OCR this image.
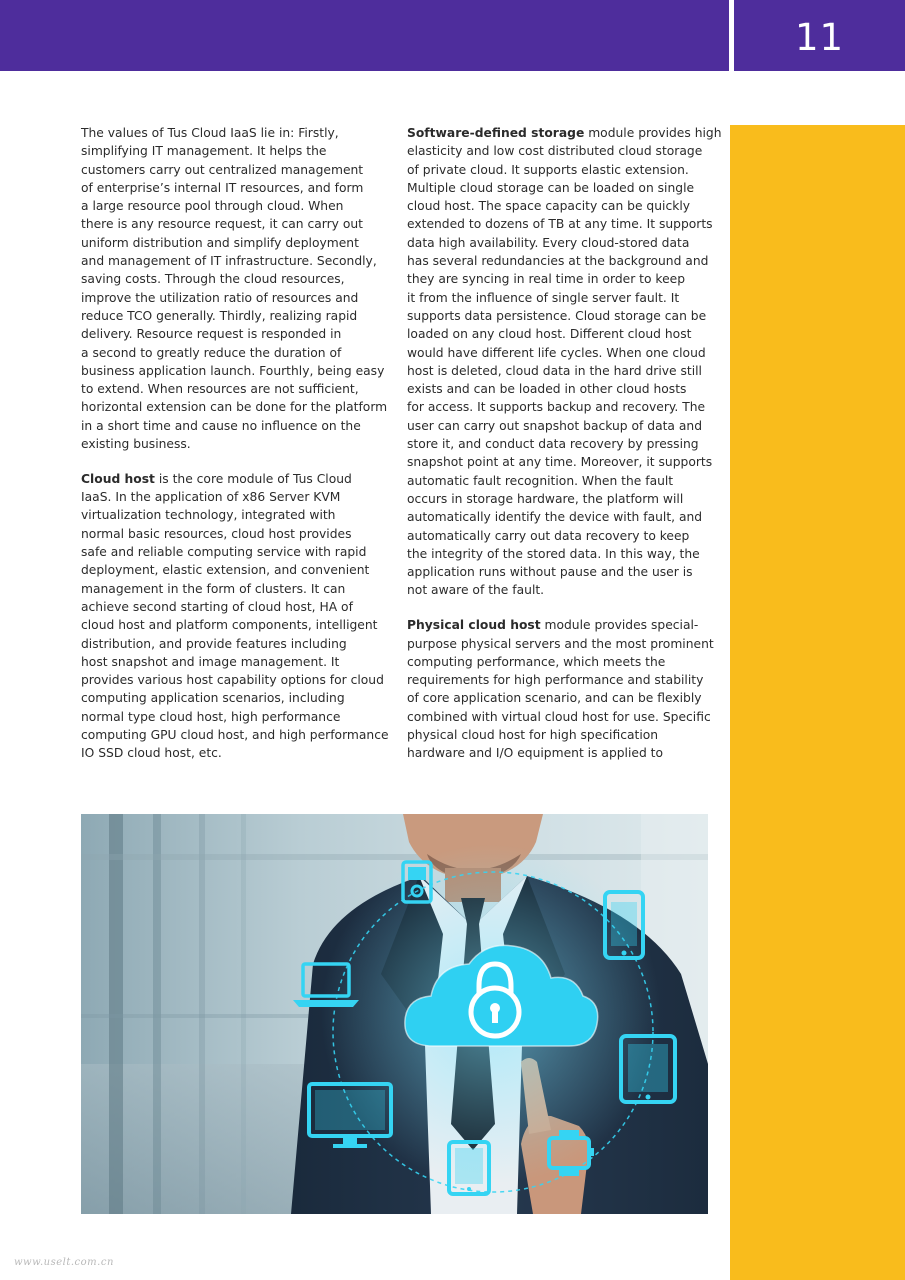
11

The values of Tus Cloud IaaS lie in: Firstly,
simplifying IT management. It helps the
customers carry out centralized management
of enterprise’s internal IT resources, and form
a large resource pool through cloud. When
there is any resource request, it can carry out
uniform distribution and simplify deployment
and management of IT infrastructure. Secondly,
saving costs. Through the cloud resources,
improve the utilization ratio of resources and
reduce TCO generally. Thirdly, realizing rapid
delivery. Resource request is responded in
a second to greatly reduce the duration of
business application launch. Fourthly, being easy
to extend. When resources are not sufficient,
horizontal extension can be done for the platform
in a short time and cause no influence on the
existing business.

Cloud host is the core module of Tus Cloud
IaaS. In the application of x86 Server KVM
virtualization technology, integrated with
normal basic resources, cloud host provides
safe and reliable computing service with rapid
deployment, elastic extension, and convenient
management in the form of clusters. It can
achieve second starting of cloud host, HA of
cloud host and platform components, intelligent
distribution, and provide features including
host snapshot and image management. It
provides various host capability options for cloud
computing application scenarios, including
normal type cloud host, high performance
computing GPU cloud host, and high performance
IO SSD cloud host, etc.

Software-defined storage module provides high
elasticity and low cost distributed cloud storage
of private cloud. It supports elastic extension.
Multiple cloud storage can be loaded on single
cloud host. The space capacity can be quickly
extended to dozens of TB at any time. It supports
data high availability. Every cloud-stored data
has several redundancies at the background and
they are syncing in real time in order to keep
it from the influence of single server fault. It
supports data persistence. Cloud storage can be
loaded on any cloud host. Different cloud host
would have different life cycles. When one cloud
host is deleted, cloud data in the hard drive still
exists and can be loaded in other cloud hosts
for access. It supports backup and recovery. The
user can carry out snapshot backup of data and
store it, and conduct data recovery by pressing
snapshot point at any time. Moreover, it supports
automatic fault recognition. When the fault
occurs in storage hardware, the platform will
automatically identify the device with fault, and
automatically carry out data recovery to keep
the integrity of the stored data. In this way, the
application runs without pause and the user is
not aware of the fault.

Physical cloud host module provides special-
purpose physical servers and the most prominent
computing performance, which meets the
requirements for high performance and stability
of core application scenario, and can be flexibly
combined with virtual cloud host for use. Specific
physical cloud host for high specification
hardware and I/O equipment is applied to

www.uselt.com.cn
